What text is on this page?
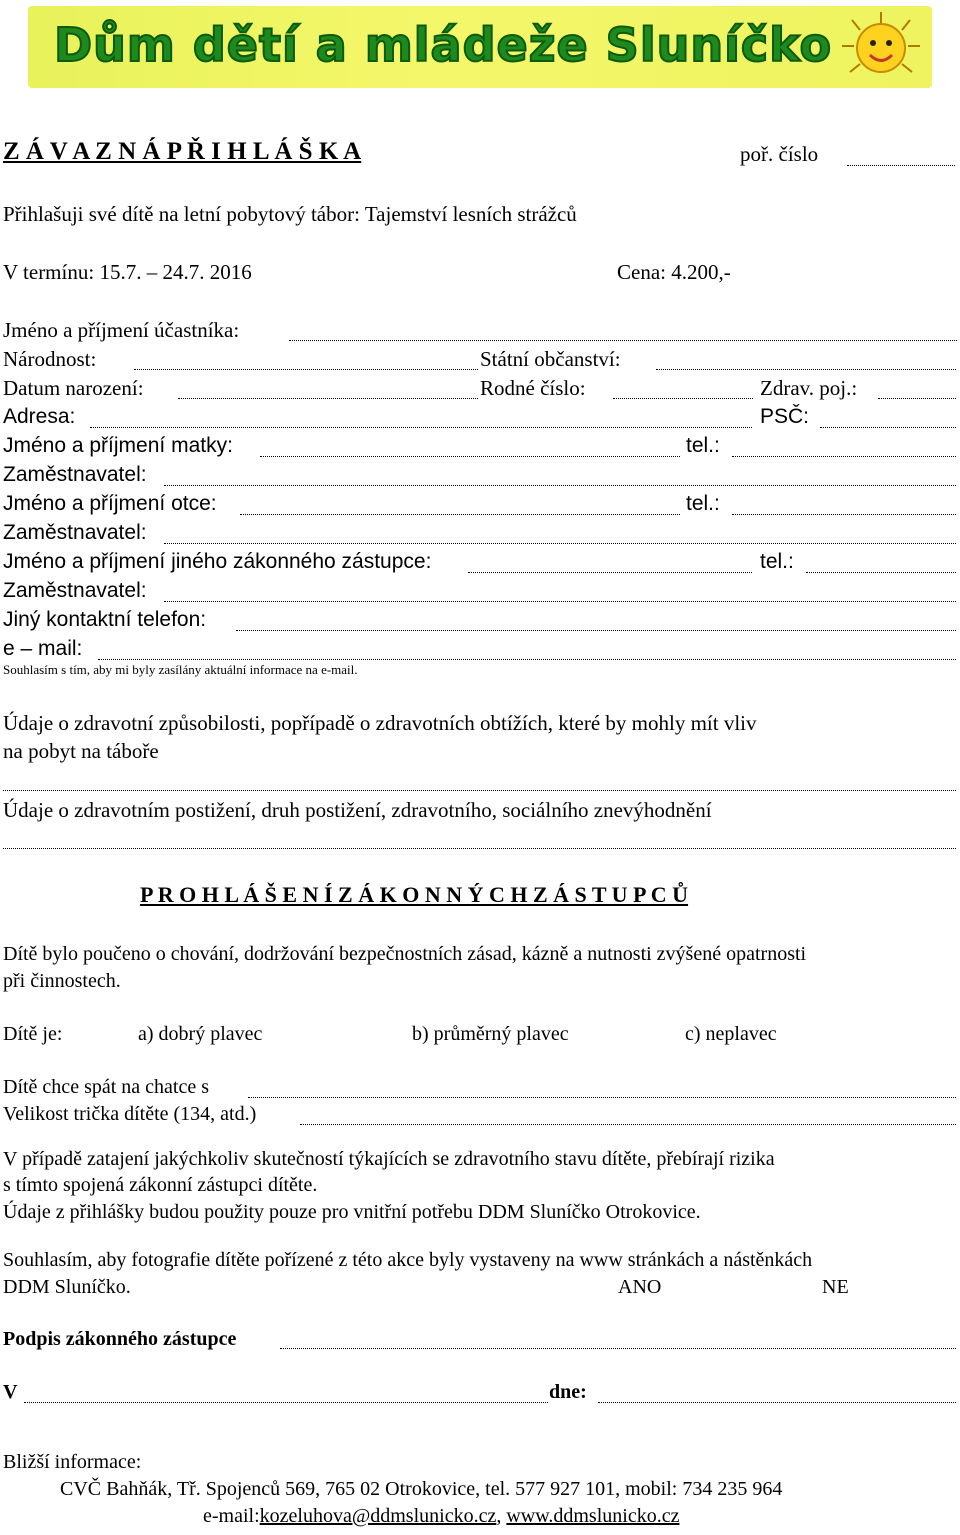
Dům dětí a mládeže Sluníčko
Z Á V A Z N Á P Ř I H L Á Š K A	poř. číslo
Přihlašuji své dítě na letní pobytový tábor: Tajemství lesních strážců
V termínu: 15.7. – 24.7. 2016	Cena: 4.200,-
Jméno a příjmení účastníka:
Národnost:	Státní občanství:
Datum narození:	Rodné číslo:	Zdrav. poj.:
Adresa:	PSČ:
Jméno a příjmení matky:	tel.:
Zaměstnavatel:
Jméno a příjmení otce:	tel.:
Zaměstnavatel:
Jméno a příjmení jiného zákonného zástupce:	tel.:
Zaměstnavatel:
Jiný kontaktní telefon:
e – mail:
Souhlasím s tím, aby mi byly zasílány aktuální informace na e-mail.
Údaje o zdravotní způsobilosti, popřípadě o zdravotních obtížích, které by mohly mít vliv
na pobyt na táboře
Údaje o zdravotním postižení, druh postižení, zdravotního, sociálního znevýhodnění
P R O H L Á Š E N Í Z Á K O N N Ý C H Z Á S T U P C Ů
Dítě bylo poučeno o chování, dodržování bezpečnostních zásad, kázně a nutnosti zvýšené opatrnosti
při činnostech.
Dítě je:	a) dobrý plavec	b) průměrný plavec	c) neplavec
Dítě chce spát na chatce s
Velikost trička dítěte (134, atd.)
V případě zatajení jakýchkoliv skutečností týkajících se zdravotního stavu dítěte, přebírají rizika
s tímto spojená zákonní zástupci dítěte.
Údaje z přihlášky budou použity pouze pro vnitřní potřebu DDM Sluníčko Otrokovice.
Souhlasím, aby fotografie dítěte pořízené z této akce byly vystaveny na www stránkách a nástěnkách
DDM Sluníčko.	ANO	NE
Podpis zákonného zástupce
V	dne:
Bližší informace:
CVČ Bahňák, Tř. Spojenců 569, 765 02 Otrokovice, tel. 577 927 101, mobil: 734 235 964
e-mail:kozeluhova@ddmslunicko.cz, www.ddmslunicko.cz
